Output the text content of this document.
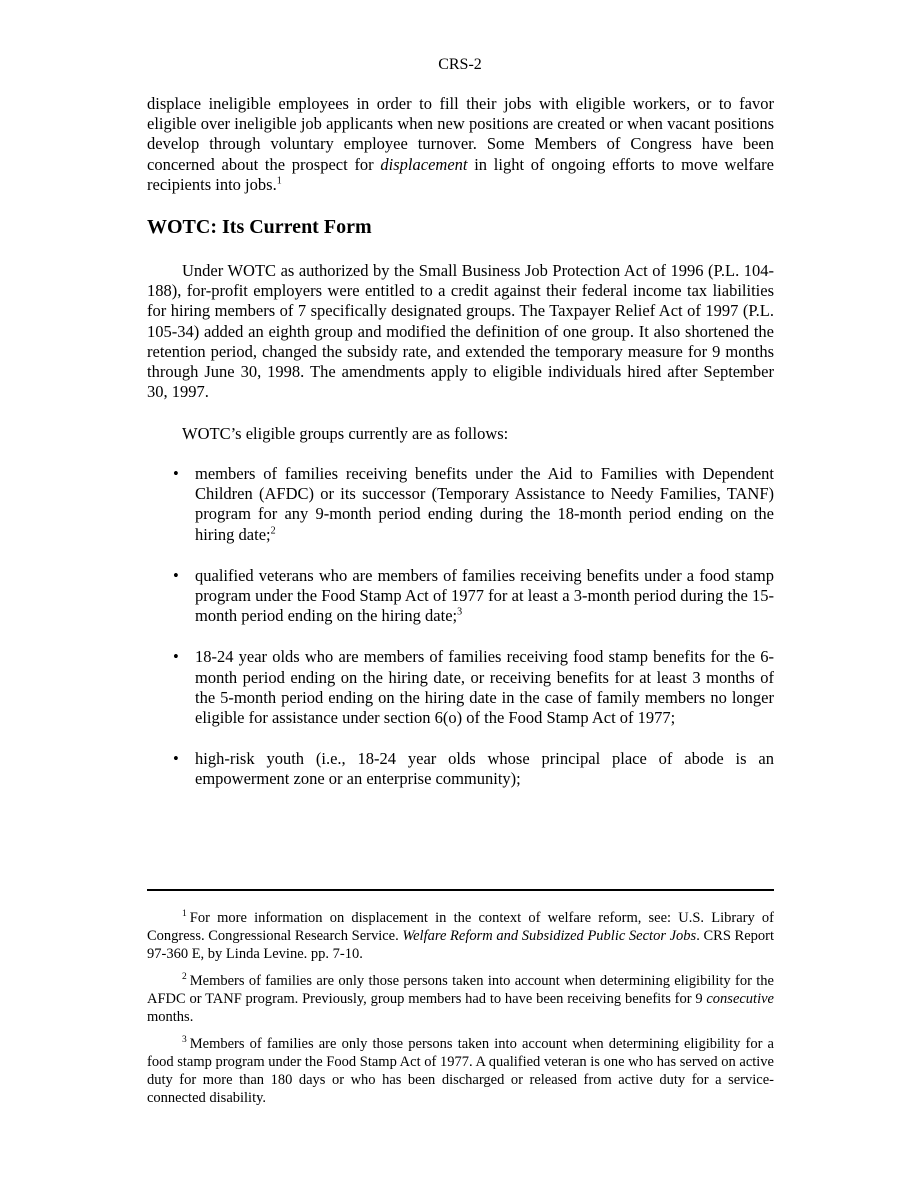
CRS-2

displace ineligible employees in order to fill their jobs with eligible workers, or to favor eligible over ineligible job applicants when new positions are created or when vacant positions develop through voluntary employee turnover. Some Members of Congress have been concerned about the prospect for displacement in light of ongoing efforts to move welfare recipients into jobs.$^1$

WOTC: Its Current Form

Under WOTC as authorized by the Small Business Job Protection Act of 1996 (P.L. 104-188), for-profit employers were entitled to a credit against their federal income tax liabilities for hiring members of 7 specifically designated groups. The Taxpayer Relief Act of 1997 (P.L. 105-34) added an eighth group and modified the definition of one group. It also shortened the retention period, changed the subsidy rate, and extended the temporary measure for 9 months through June 30, 1998. The amendments apply to eligible individuals hired after September 30, 1997.

WOTC’s eligible groups currently are as follows:

• members of families receiving benefits under the Aid to Families with Dependent Children (AFDC) or its successor (Temporary Assistance to Needy Families, TANF) program for any 9-month period ending during the 18-month period ending on the hiring date;$^2$
• qualified veterans who are members of families receiving benefits under a food stamp program under the Food Stamp Act of 1977 for at least a 3-month period during the 15-month period ending on the hiring date;$^3$
• 18-24 year olds who are members of families receiving food stamp benefits for the 6-month period ending on the hiring date, or receiving benefits for at least 3 months of the 5-month period ending on the hiring date in the case of family members no longer eligible for assistance under section 6(o) of the Food Stamp Act of 1977;
• high-risk youth (i.e., 18-24 year olds whose principal place of abode is an empowerment zone or an enterprise community);

$^1$ For more information on displacement in the context of welfare reform, see: U.S. Library of Congress. Congressional Research Service. Welfare Reform and Subsidized Public Sector Jobs. CRS Report 97-360 E, by Linda Levine. pp. 7-10.

$^2$ Members of families are only those persons taken into account when determining eligibility for the AFDC or TANF program. Previously, group members had to have been receiving benefits for 9 consecutive months.

$^3$ Members of families are only those persons taken into account when determining eligibility for a food stamp program under the Food Stamp Act of 1977. A qualified veteran is one who has served on active duty for more than 180 days or who has been discharged or released from active duty for a service-connected disability.
